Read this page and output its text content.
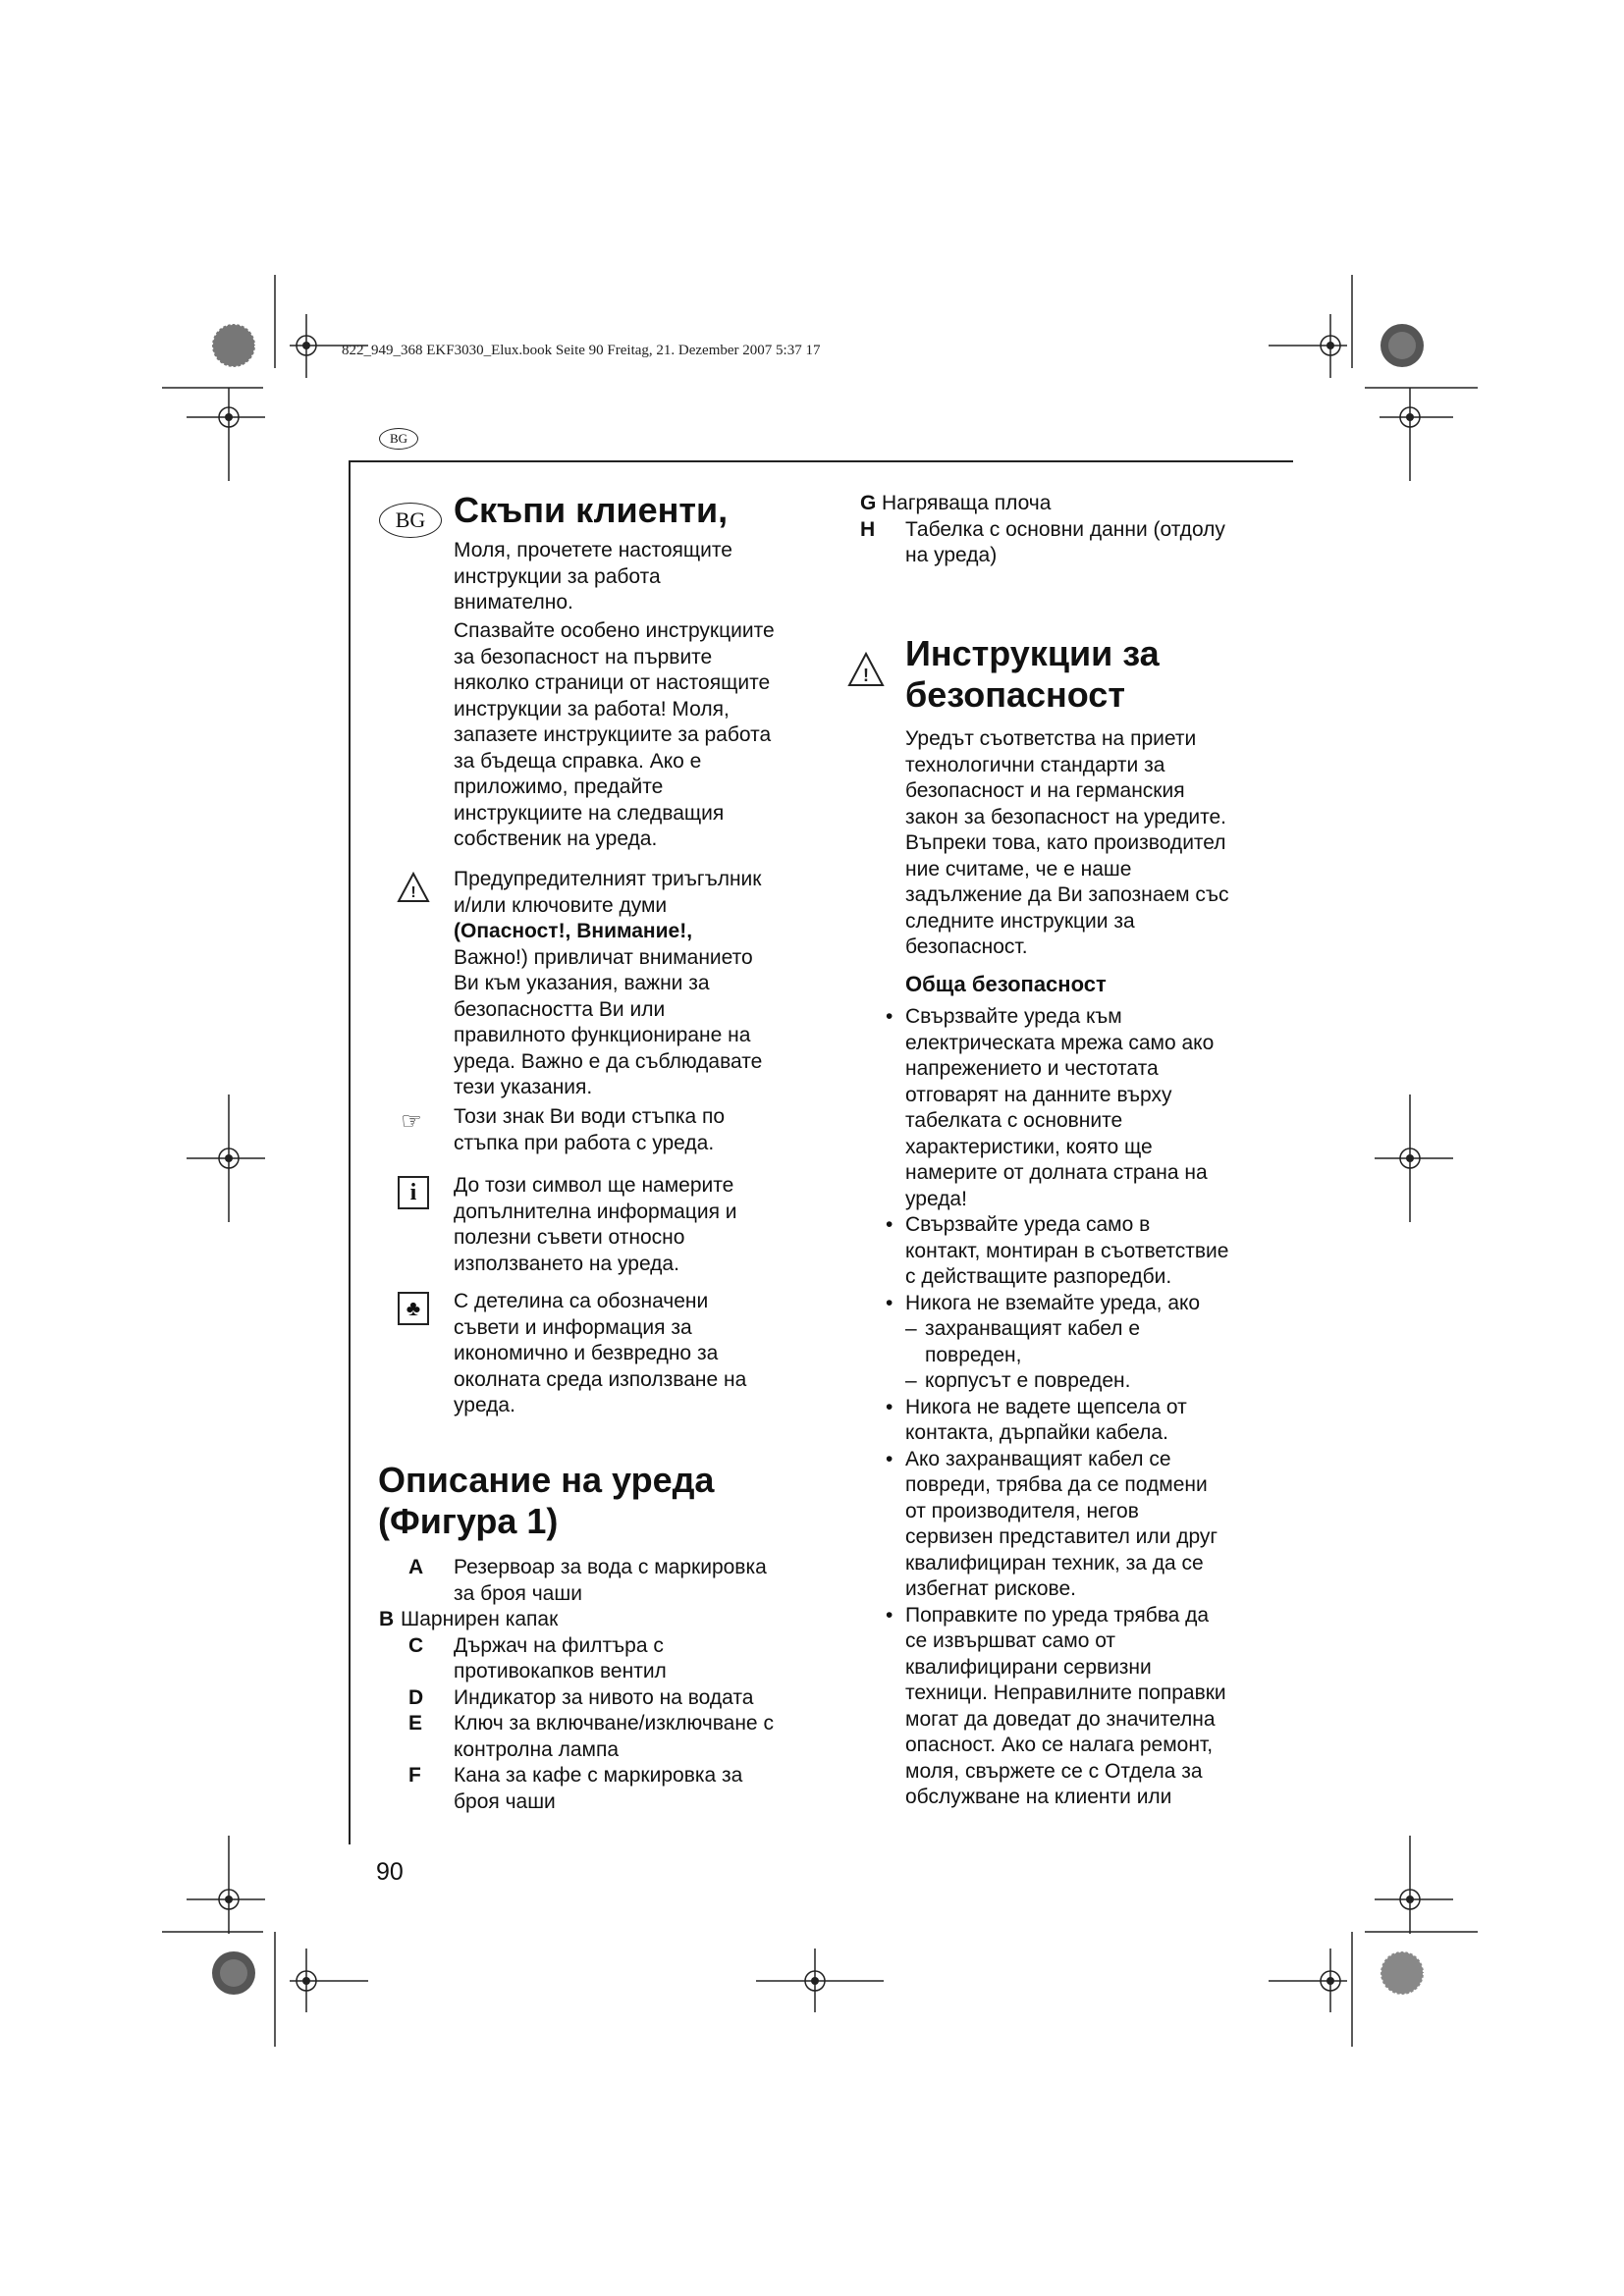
822_949_368 EKF3030_Elux.book Seite 90 Freitag, 21. Dezember 2007 5:37 17
BG
BG Скъпи клиенти,
Моля, прочетете настоящите
инструкции за работа
внимателно.
Спазвайте особено инструкциите
за безопасност на първите
няколко страници от настоящите
инструкции за работа! Моля,
запазете инструкциите за работа
за бъдеща справка. Ако е
приложимо, предайте
инструкциите на следващия
собственик на уреда.
!
Предупредителният триъгълник
и/или ключовите думи
(Опасност!, Внимание!,
Важно!) привличат вниманието
Ви към указания, важни за
безопасността Ви или
правилното функциониране на
уреда. Важно е да съблюдавате
тези указания.
☞ Този знак Ви води стъпка по
стъпка при работа с уреда.
i	До този символ ще намерите
допълнителна информация и
полезни съвети относно
използването на уреда.
♣	С детелина са обозначени
съвети и информация за
икономично и безвредно за
околната среда използване на
уреда.
Описание на уреда
(Фигура 1)
A	Резервоар за вода с маркировка
за броя чаши
B Шарнирен капак
C	Държач на филтъра с
противокапков вентил
D	Индикатор за нивото на водата
E	Ключ за включване/изключване с
контролна лампа
F	Кана за кафе с маркировка за
броя чаши
90
G Нагряваща плоча
H	Табелка с основни данни (отдолу
на уреда)
!
Инструкции за
безопасност
Уредът съответства на приети
технологични стандарти за
безопасност и на германския
закон за безопасност на уредите.
Въпреки това, като производител
ние считаме, че е наше
задължение да Ви запознаем със
следните инструкции за
безопасност.
Обща безопасност
• Свързвайте уреда към
електрическата мрежа само ако
напрежението и честотата
отговарят на данните върху
табелката с основните
характеристики, която ще
намерите от долната страна на
уреда!
• Свързвайте уреда само в
контакт, монтиран в съответствие
с действащите разпоредби.
• Никога не вземайте уреда, ако
– захранващият кабел е
повреден,
– корпусът е повреден.
• Никога не вадете щепсела от
контакта, дърпайки кабела.
• Ако захранващият кабел се
повреди, трябва да се подмени
от производителя, негов
сервизен представител или друг
квалифициран техник, за да се
избегнат рискове.
• Поправките по уреда трябва да
се извършват само от
квалифицирани сервизни
техници. Неправилните поправки
могат да доведат до значителна
опасност. Ако се налага ремонт,
моля, свържете се с Отдела за
обслужване на клиенти или
